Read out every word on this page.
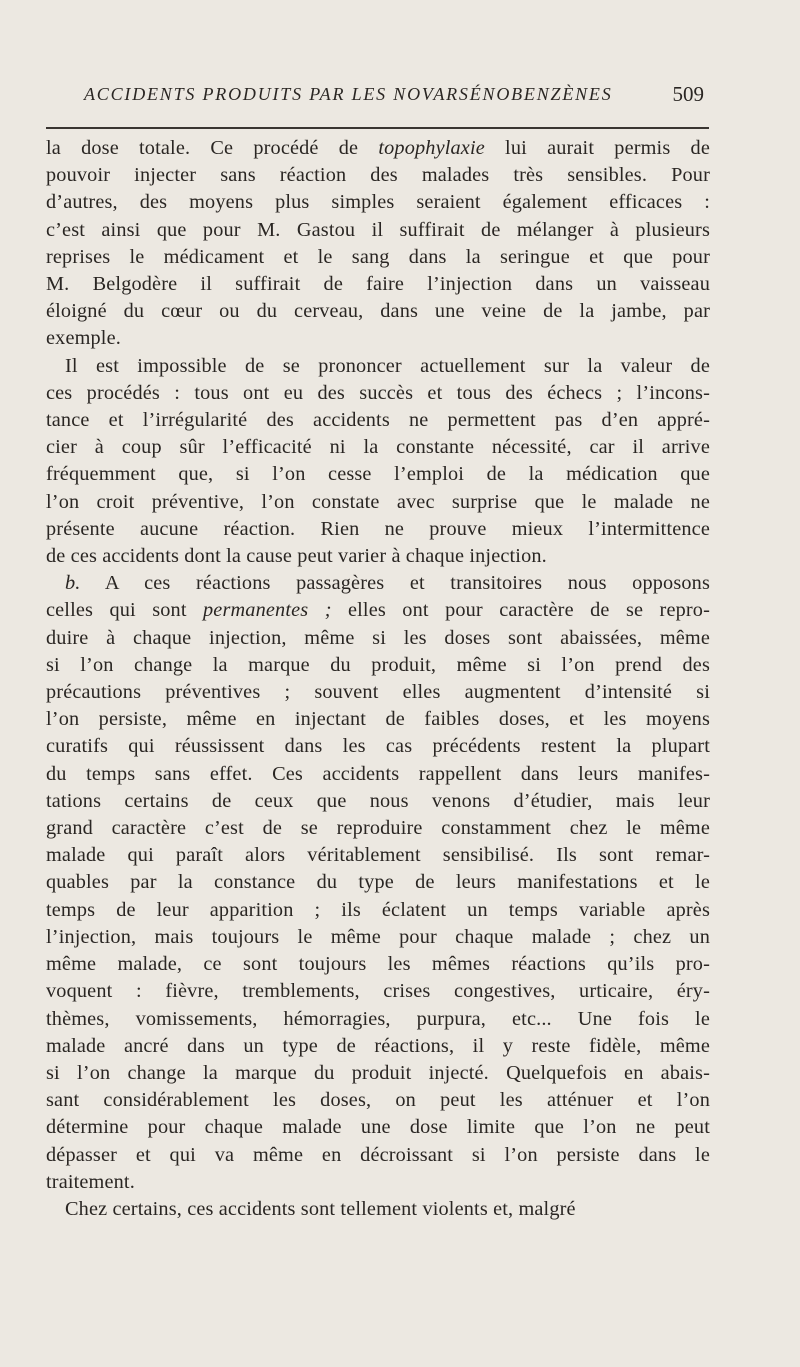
ACCIDENTS PRODUITS PAR LES NOVARSÉNOBENZÈNES	509
la dose totale. Ce procédé de topophylaxie lui aurait permis de
pouvoir injecter sans réaction des malades très sensibles. Pour
d’autres, des moyens plus simples seraient également efficaces :
c’est ainsi que pour M. Gastou il suffirait de mélanger à plusieurs
reprises le médicament et le sang dans la seringue et que pour
M. Belgodère il suffirait de faire l’injection dans un vaisseau
éloigné du cœur ou du cerveau, dans une veine de la jambe, par
exemple.
Il est impossible de se prononcer actuellement sur la valeur de
ces procédés : tous ont eu des succès et tous des échecs ; l’incons-
tance et l’irrégularité des accidents ne permettent pas d’en appré-
cier à coup sûr l’efficacité ni la constante nécessité, car il arrive
fréquemment que, si l’on cesse l’emploi de la médication que
l’on croit préventive, l’on constate avec surprise que le malade ne
présente aucune réaction. Rien ne prouve mieux l’intermittence
de ces accidents dont la cause peut varier à chaque injection.
b. A ces réactions passagères et transitoires nous opposons
celles qui sont permanentes ; elles ont pour caractère de se repro-
duire à chaque injection, même si les doses sont abaissées, même
si l’on change la marque du produit, même si l’on prend des
précautions préventives ; souvent elles augmentent d’intensité si
l’on persiste, même en injectant de faibles doses, et les moyens
curatifs qui réussissent dans les cas précédents restent la plupart
du temps sans effet. Ces accidents rappellent dans leurs manifes-
tations certains de ceux que nous venons d’étudier, mais leur
grand caractère c’est de se reproduire constamment chez le même
malade qui paraît alors véritablement sensibilisé. Ils sont remar-
quables par la constance du type de leurs manifestations et le
temps de leur apparition ; ils éclatent un temps variable après
l’injection, mais toujours le même pour chaque malade ; chez un
même malade, ce sont toujours les mêmes réactions qu’ils pro-
voquent : fièvre, tremblements, crises congestives, urticaire, éry-
thèmes, vomissements, hémorragies, purpura, etc... Une fois le
malade ancré dans un type de réactions, il y reste fidèle, même
si l’on change la marque du produit injecté. Quelquefois en abais-
sant considérablement les doses, on peut les atténuer et l’on
détermine pour chaque malade une dose limite que l’on ne peut
dépasser et qui va même en décroissant si l’on persiste dans le
traitement.
Chez certains, ces accidents sont tellement violents et, malgré
